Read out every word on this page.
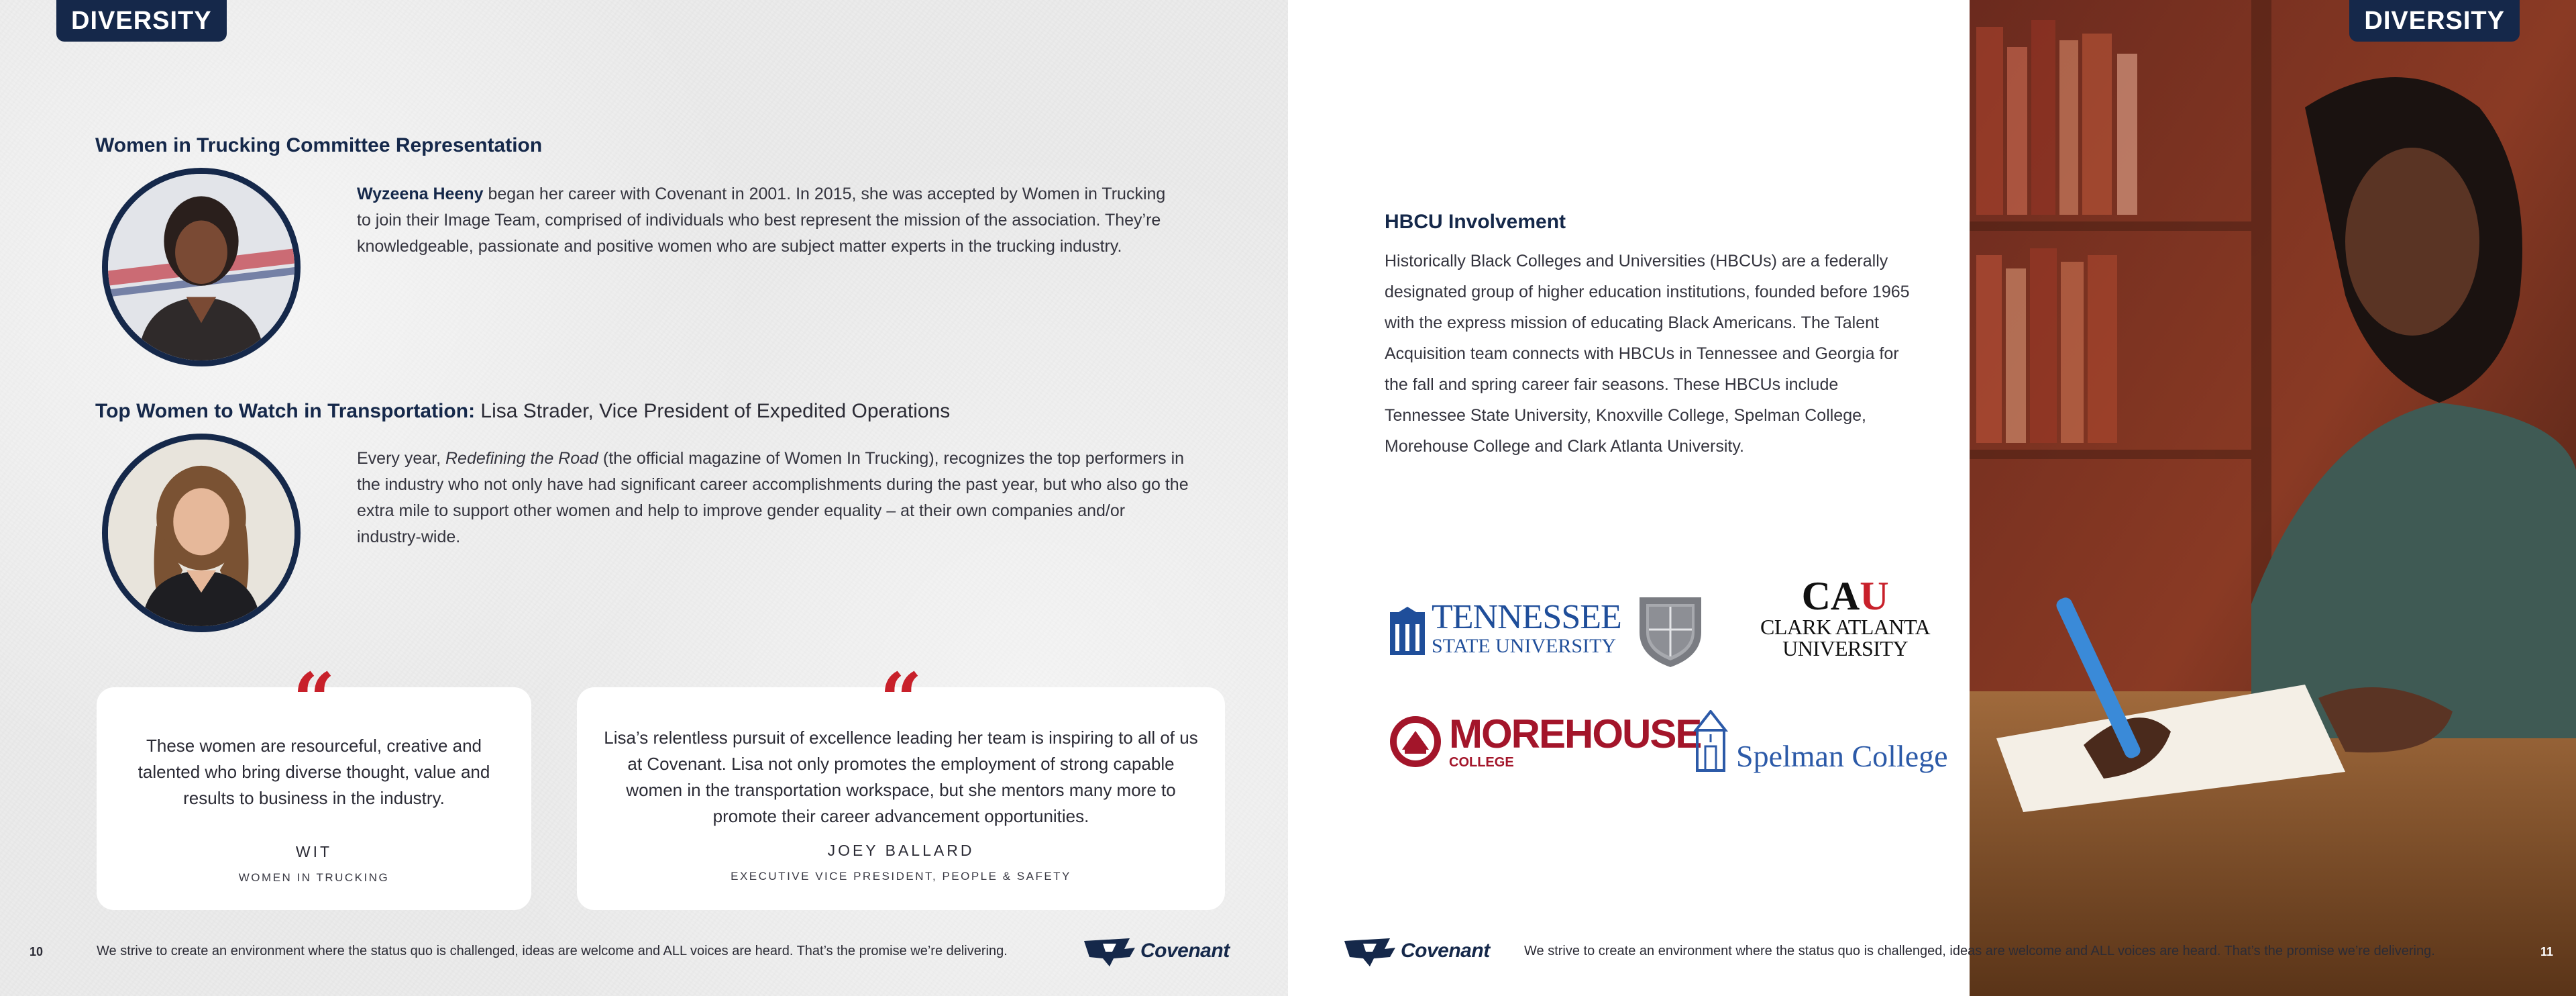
DIVERSITY
Women in Trucking Committee Representation

Wyzeena Heeny began her career with Covenant in 2001. In 2015, she was accepted by Women in Trucking to join their Image Team, comprised of individuals who best represent the mission of the association. They’re knowledgeable, passionate and positive women who are subject matter experts in the trucking industry.

Top Women to Watch in Transportation: Lisa Strader, Vice President of Expedited Operations

Every year, Redefining the Road (the official magazine of Women In Trucking), recognizes the top performers in the industry who not only have had significant career accomplishments during the past year, but who also go the extra mile to support other women and help to improve gender equality – at their own companies and/or industry-wide.

“
These women are resourceful, creative and talented who bring diverse thought, value and results to business in the industry.
WIT
WOMEN IN TRUCKING
“
Lisa’s relentless pursuit of excellence leading her team is inspiring to all of us at Covenant. Lisa not only promotes the employment of strong capable women in the transportation workspace, but she mentors many more to promote their career advancement opportunities.
JOEY BALLARD
EXECUTIVE VICE PRESIDENT, PEOPLE & SAFETY
10	We strive to create an environment where the status quo is challenged, ideas are welcome and ALL voices are heard. That’s the promise we’re delivering.	Covenant
DIVERSITY
HBCU Involvement

Historically Black Colleges and Universities (HBCUs) are a federally designated group of higher education institutions, founded before 1965 with the express mission of educating Black Americans. The Talent Acquisition team connects with HBCUs in Tennessee and Georgia for the fall and spring career fair seasons. These HBCUs include Tennessee State University, Knoxville College, Spelman College, Morehouse College and Clark Atlanta University.

TENNESSEE
STATE UNIVERSITY
CAU
CLARK ATLANTA
UNIVERSITY
MOREHOUSE
COLLEGE	Spelman College
Covenant	We strive to create an environment where the status quo is challenged, ideas are welcome and ALL voices are heard. That’s the promise we’re delivering.	11
